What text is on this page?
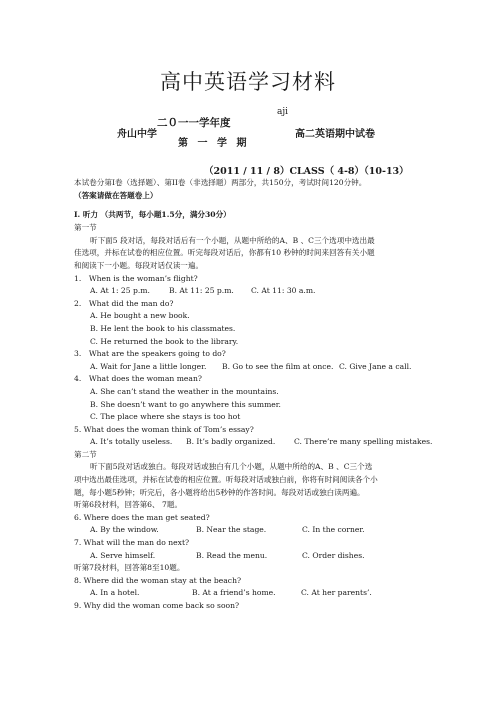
高中英语学习材料
aji
二０一一学年度
舟山中学	高二英语期中试卷
第 一 学 期
（2011 / 11 / 8）CLASS（ 4-8）（10-13）
本试卷分第I卷（选择题）、第II卷（非选择题）两部分，共150分，考试时间120分钟。
（答案请做在答题卷上）
I. 听力 （共两节，每小题1.5分，满分30分）
第一节
听下面5 段对话，每段对话后有一个小题，从题中所给的A、B 、C三个选项中选出最
佳选项，并标在试卷的相应位置。听完每段对话后，你都有10 秒钟的时间来回答有关小题
和阅读下一小题。每段对话仅读一遍。
1.　When is the woman’s flight?
A. At 1: 25 p.m.	B. At 11: 25 p.m. C. At 11: 30 a.m.
2.　What did the man do?
A. He bought a new book.
B. He lent the book to his classmates.
C. He returned the book to the library.
3.　What are the speakers going to do?
A. Wait for Jane a little longer. B. Go to see the film at once. C. Give Jane a call.
4.　What does the woman mean?
A. She can’t stand the weather in the mountains.
B. She doesn’t want to go anywhere this summer.
C. The place where she stays is too hot
5. What does the woman think of Tom’s essay?
A. It’s totally useless. B. It’s badly organized. C. There’re many spelling mistakes.
第二节
听下面5段对话或独白。每段对话或独白有几个小题，从题中所给的A、B 、C三个选
项中选出最佳选项，并标在试卷的相应位置。听每段对话或独白前，你将有时间阅读各个小
题，每小题5秒钟；听完后，各小题将给出5秒钟的作答时间。每段对话或独白读两遍。
听第6段材料，回答第6、 7题。
6. Where does the man get seated?
A. By the window.	B. Near the stage.	C. In the corner.
7. What will the man do next?
A. Serve himself.	B. Read the menu.	C. Order dishes.
听第7段材料，回答第8至10题。
8. Where did the woman stay at the beach?
A. In a hotel.	B. At a friend’s home.	C. At her parents’.
9. Why did the woman come back so soon?
